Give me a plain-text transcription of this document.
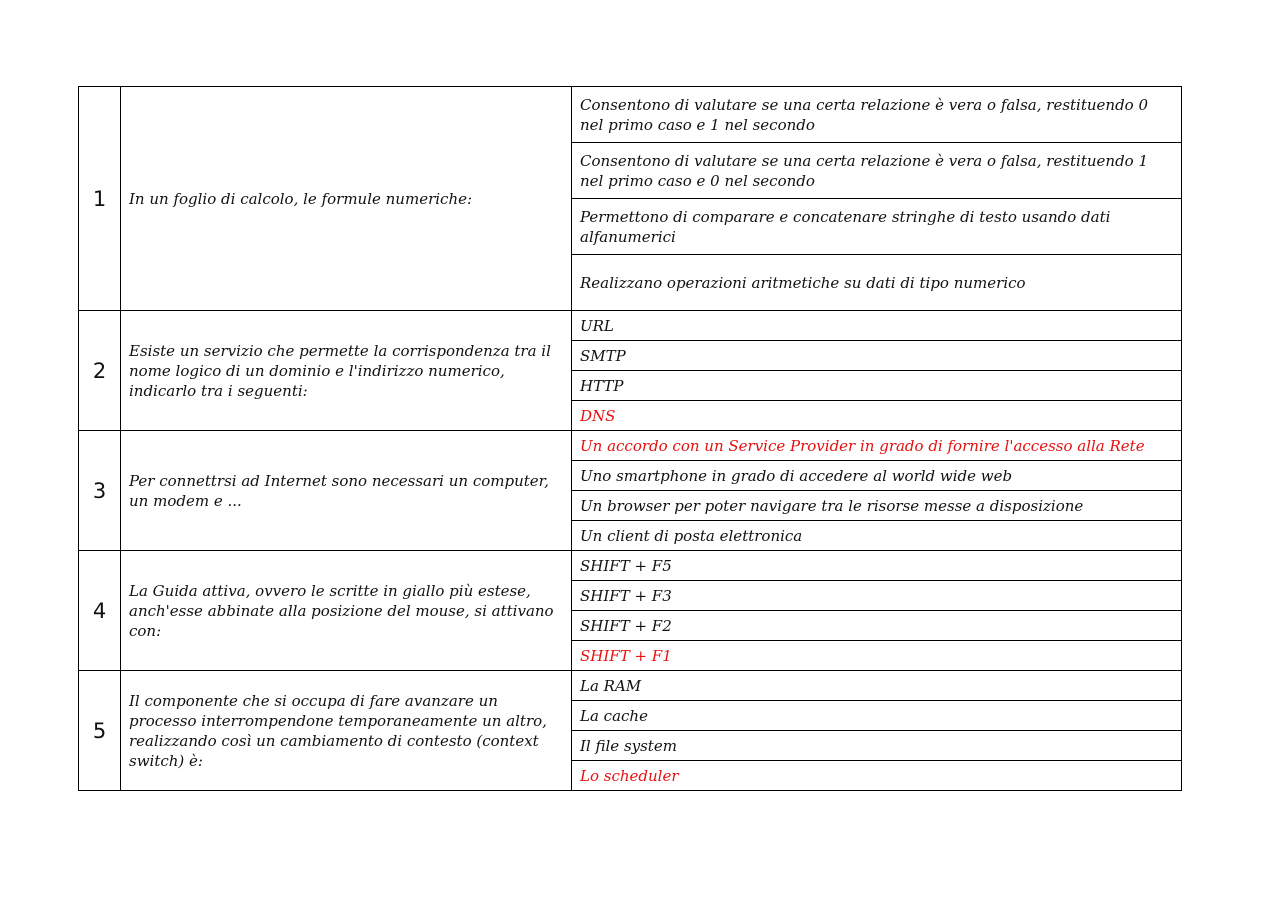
1	In un foglio di calcolo, le formule numeriche:	Consentono di valutare se una certa relazione è vera o falsa, restituendo 0 nel primo caso e 1 nel secondo
		Consentono di valutare se una certa relazione è vera o falsa, restituendo 1 nel primo caso e 0 nel secondo
		Permettono di comparare e concatenare stringhe di testo usando dati alfanumerici
		Realizzano operazioni aritmetiche su dati di tipo numerico
2	Esiste un servizio che permette la corrispondenza tra il nome logico di un dominio e l'indirizzo numerico, indicarlo tra i seguenti:	URL
		SMTP
		HTTP
		DNS
3	Per connettrsi ad Internet sono necessari un computer, un modem e ...	Un accordo con un Service Provider in grado di fornire l'accesso alla Rete
		Uno smartphone in grado di accedere al world wide web
		Un browser per poter navigare tra le risorse messe a disposizione
		Un client di posta elettronica
4	La Guida attiva, ovvero le scritte in giallo più estese, anch'esse abbinate alla posizione del mouse, si attivano con:	SHIFT + F5
		SHIFT + F3
		SHIFT + F2
		SHIFT + F1
5	Il componente che si occupa di fare avanzare un processo interrompendone temporaneamente un altro, realizzando così un cambiamento di contesto (context switch) è:	La RAM
		La cache
		Il file system
		Lo scheduler
